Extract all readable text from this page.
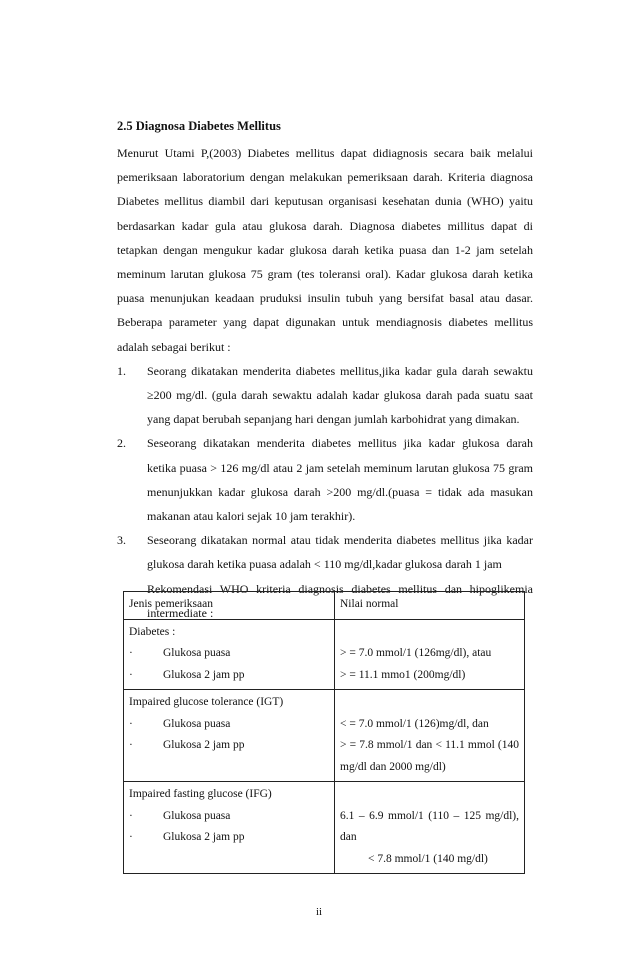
2.5 Diagnosa Diabetes Mellitus

Menurut Utami P,(2003) Diabetes mellitus dapat didiagnosis secara baik melalui pemeriksaan laboratorium dengan melakukan pemeriksaan darah. Kriteria diagnosa Diabetes mellitus diambil dari keputusan organisasi kesehatan dunia (WHO) yaitu berdasarkan kadar gula atau glukosa darah. Diagnosa diabetes millitus dapat di tetapkan dengan mengukur kadar glukosa darah ketika puasa dan 1-2 jam setelah meminum larutan glukosa 75 gram (tes toleransi oral). Kadar glukosa darah ketika puasa menunjukan keadaan pruduksi insulin tubuh yang bersifat basal atau dasar. Beberapa parameter yang dapat digunakan untuk mendiagnosis diabetes mellitus adalah sebagai berikut :

1. Seorang dikatakan menderita diabetes mellitus,jika kadar gula darah sewaktu ≥200 mg/dl. (gula darah sewaktu adalah kadar glukosa darah pada suatu saat yang dapat berubah sepanjang hari dengan jumlah karbohidrat yang dimakan.

2. Seseorang dikatakan menderita diabetes mellitus jika kadar glukosa darah ketika puasa > 126 mg/dl atau 2 jam setelah meminum larutan glukosa 75 gram menunjukkan kadar glukosa darah >200 mg/dl.(puasa = tidak ada masukan makanan atau kalori sejak 10 jam terakhir).

3. Seseorang dikatakan normal atau tidak menderita diabetes mellitus jika kadar glukosa darah ketika puasa adalah < 110 mg/dl,kadar glukosa darah 1 jam

Rekomendasi WHO kriteria diagnosis diabetes mellitus dan hipoglikemia intermediate :

Jenis pemeriksaan	Nilai normal

Diabetes :
· Glukosa puasa
· Glukosa 2 jam pp	> = 7.0 mmol/1 (126mg/dl), atau
> = 11.1 mmo1 (200mg/dl)

Impaired glucose tolerance (IGT)
· Glukosa puasa
· Glukosa 2 jam pp	< = 7.0 mmol/1 (126)mg/dl, dan
> = 7.8 mmol/1 dan < 11.1 mmol (140 mg/dl dan 2000 mg/dl)

Impaired fasting glucose (IFG)
· Glukosa puasa
· Glukosa 2 jam pp	6.1 – 6.9 mmol/1 (110 – 125 mg/dl), dan
< 7.8 mmol/1 (140 mg/dl)
ii
